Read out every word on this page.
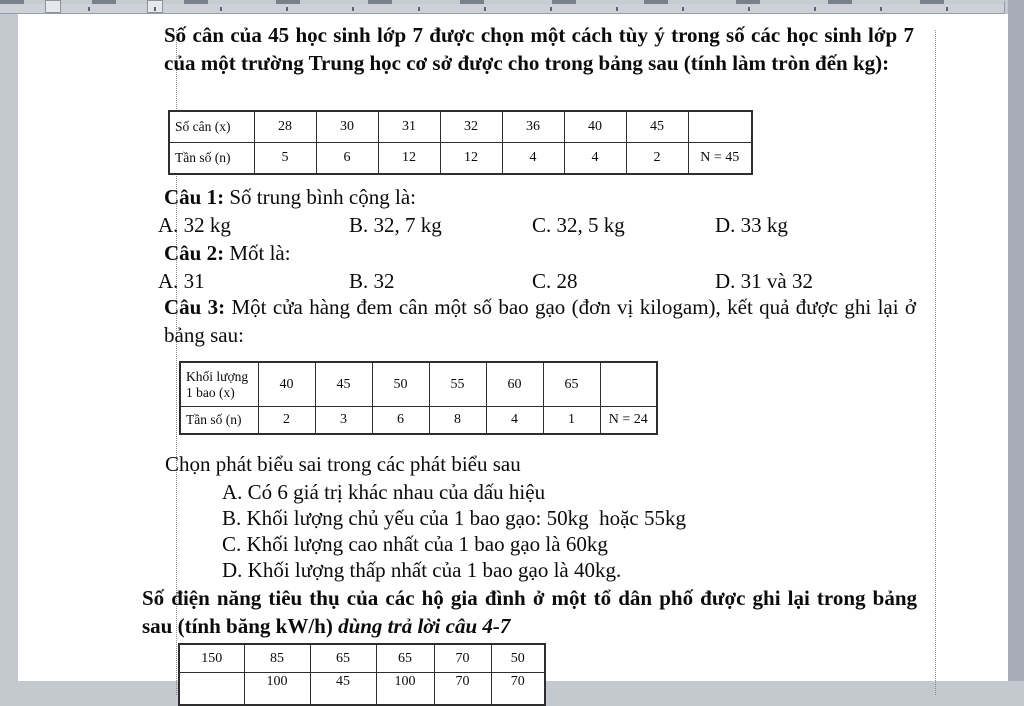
Số cân của 45 học sinh lớp 7 được chọn một cách tùy ý trong số các học sinh lớp 7 của một trường Trung học cơ sở được cho trong bảng sau (tính làm tròn đến kg):
Số cân (x)	28	30	31	32	36	40	45	
Tần số (n)	5	6	12	12	4	4	2	N = 45
Câu 1: Số trung bình cộng là:
A. 32 kg	B. 32, 7 kg	C. 32, 5 kg	D. 33 kg
Câu 2: Mốt là:
A. 31	B. 32	C. 28	D. 31 và 32
Câu 3: Một cửa hàng đem cân một số bao gạo (đơn vị kilogam), kết quả được ghi lại ở bảng sau:
Khối lượng
1 bao (x)	40	45	50	55	60	65	
Tần số (n)	2	3	6	8	4	1	N = 24
Chọn phát biểu sai trong các phát biểu sau
A. Có 6 giá trị khác nhau của dấu hiệu
B. Khối lượng chủ yếu của 1 bao gạo: 50kg  hoặc 55kg
C. Khối lượng cao nhất của 1 bao gạo là 60kg
D. Khối lượng thấp nhất của 1 bao gạo là 40kg.
Số điện năng tiêu thụ của các hộ gia đình ở một tổ dân phố được ghi lại trong bảng sau (tính băng kW/h) dùng trả lời câu 4-7
150	85	65	65	70	50
	100	45	100	70	70
